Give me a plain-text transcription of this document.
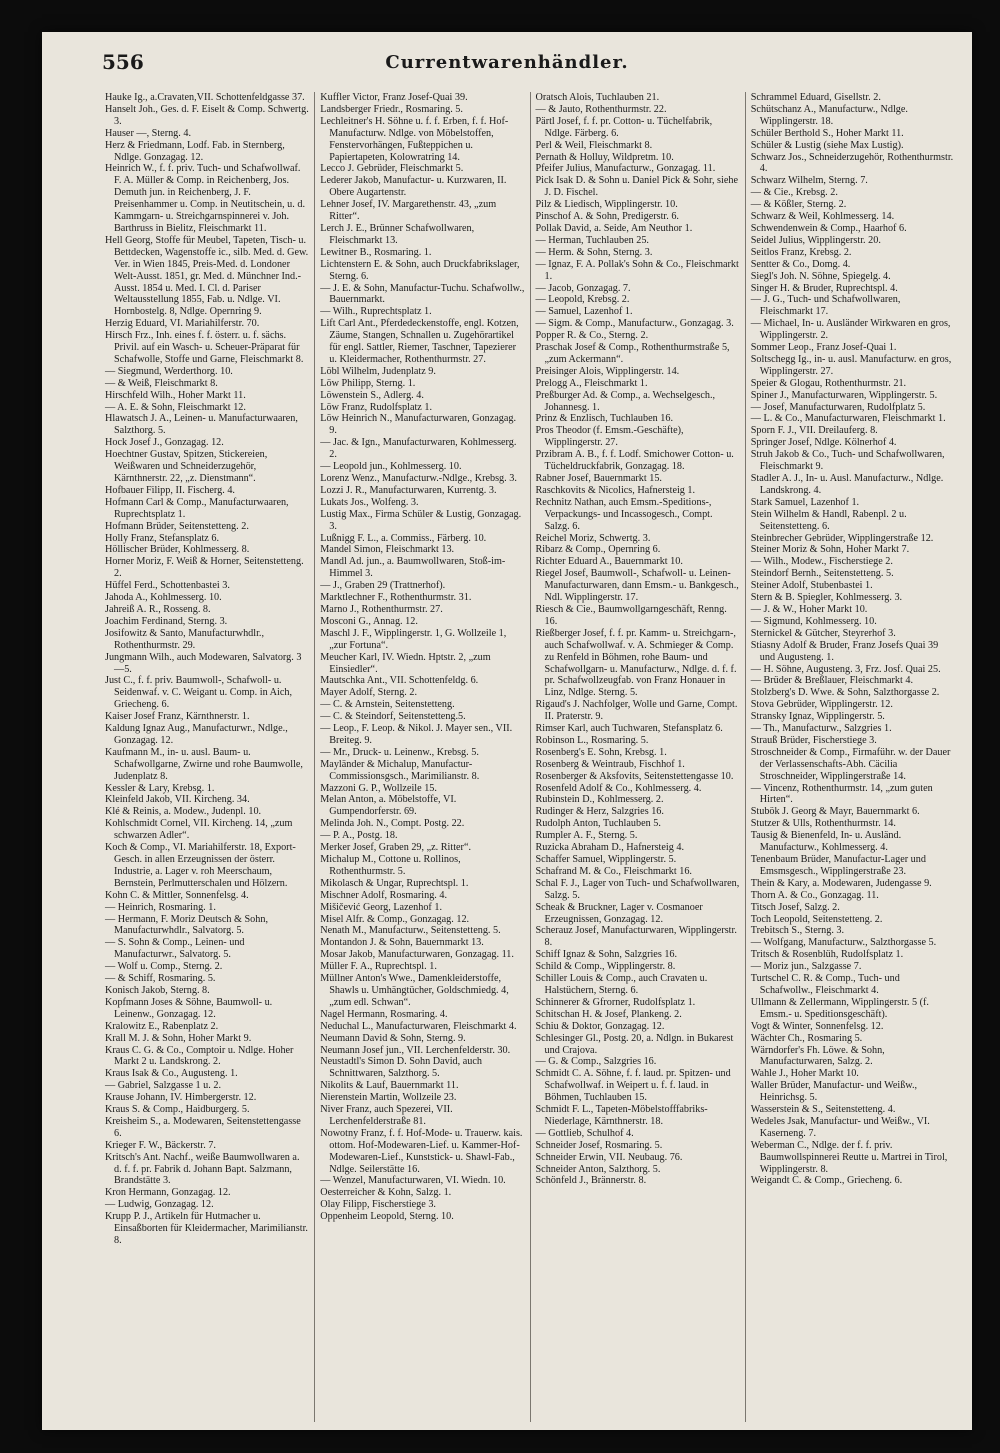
556	Currentwarenhändler.

Hauke Ig., a.Cravaten,VII. Schottenfeldgasse 37.

Hanselt Joh., Ges. d. F. Eiselt & Comp. Schwertg. 3.

Hauser —, Sterng. 4.

Herz & Friedmann, Lodf. Fab. in Sternberg, Ndlge. Gonzagag. 12.

Heinrich W., f. f. priv. Tuch- und Schafwollwaf. F. A. Müller & Comp. in Reichenberg, Jos. Demuth jun. in Reichenberg, J. F. Preisenhammer u. Comp. in Neutitschein, u. d. Kammgarn- u. Streichgarnspinnerei v. Joh. Barthruss in Bielitz, Fleischmarkt 11.

Hell Georg, Stoffe für Meubel, Tapeten, Tisch- u. Bettdecken, Wagenstoffe ic., silb. Med. d. Gew. Ver. in Wien 1845, Preis-Med. d. Londoner Welt-Ausst. 1851, gr. Med. d. Münchner Ind.-Ausst. 1854 u. Med. I. Cl. d. Pariser Weltausstellung 1855, Fab. u. Ndlge. VI. Hornbostelg. 8, Ndlge. Opernring 9.

Herzig Eduard, VI. Mariahilferstr. 70.

Hirsch Frz., Inh. eines f. f. österr. u. f. sächs. Privil. auf ein Wasch- u. Scheuer-Präparat für Schafwolle, Stoffe und Garne, Fleischmarkt 8.

— Siegmund, Werderthorg. 10.

— & Weiß, Fleischmarkt 8.

Hirschfeld Wilh., Hoher Markt 11.

— A. E. & Sohn, Fleischmarkt 12.

Hlawatsch J. A., Leinen- u. Manufacturwaaren, Salzthorg. 5.

Hock Josef J., Gonzagag. 12.

Hoechtner Gustav, Spitzen, Stickereien, Weißwaren und Schneiderzugehör, Kärnthnerstr. 22, „z. Dienstmann“.

Hofbauer Filipp, II. Fischerg. 4.

Hofmann Carl & Comp., Manufacturwaaren, Ruprechtsplatz 1.

Hofmann Brüder, Seitenstetteng. 2.

Holly Franz, Stefansplatz 6.

Höllischer Brüder, Kohlmesserg. 8.

Horner Moriz, F. Weiß & Horner, Seitenstetteng. 2.

Hüffel Ferd., Schottenbastei 3.

Jahoda A., Kohlmesserg. 10.

Jahreiß A. R., Rosseng. 8.

Joachim Ferdinand, Sterng. 3.

Josifowitz & Santo, Manufacturwhdlr., Rothenthurmstr. 29.

Jungmann Wilh., auch Modewaren, Salvatorg. 3—5.

Just C., f. f. priv. Baumwoll-, Schafwoll- u. Seidenwaf. v. C. Weigant u. Comp. in Aich, Griecheng. 6.

Kaiser Josef Franz, Kärnthnerstr. 1.

Kaldung Ignaz Aug., Manufacturwr., Ndlge., Gonzagag. 12.

Kaufmann M., in- u. ausl. Baum- u. Schafwollgarne, Zwirne und rohe Baumwolle, Judenplatz 8.

Kessler & Lary, Krebsg. 1.

Kleinfeld Jakob, VII. Kircheng. 34.

Klé & Reinis, a. Modew., Judenpl. 10.

Kohlschmidt Cornel, VII. Kircheng. 14, „zum schwarzen Adler“.

Koch & Comp., VI. Mariahilferstr. 18, Export-Gesch. in allen Erzeugnissen der österr. Industrie, a. Lager v. roh Meerschaum, Bernstein, Perlmutterschalen und Hölzern.

Kohn C. & Mittler, Sonnenfelsg. 4.

— Heinrich, Rosmaring. 1.

— Hermann, F. Moriz Deutsch & Sohn, Manufacturwhdlr., Salvatorg. 5.

— S. Sohn & Comp., Leinen- und Manufacturwr., Salvatorg. 5.

— Wolf u. Comp., Sterng. 2.

— & Schiff, Rosmaring. 5.

Konisch Jakob, Sterng. 8.

Kopfmann Joses & Söhne, Baumwoll- u. Leinenw., Gonzagag. 12.

Kralowitz E., Rabenplatz 2.

Krall M. J. & Sohn, Hoher Markt 9.

Kraus C. G. & Co., Comptoir u. Ndlge. Hoher Markt 2 u. Landskrong. 2.

Kraus Isak & Co., Augusteng. 1.

— Gabriel, Salzgasse 1 u. 2.

Krause Johann, IV. Himbergerstr. 12.

Kraus S. & Comp., Haidburgerg. 5.

Kreisheim S., a. Modewaren, Seitenstettengasse 6.

Krieger F. W., Bäckerstr. 7.

Kritsch's Ant. Nachf., weiße Baumwollwaren a. d. f. f. pr. Fabrik d. Johann Bapt. Salzmann, Brandstätte 3.

Kron Hermann, Gonzagag. 12.

— Ludwig, Gonzagag. 12.

Krupp P. J., Artikeln für Hutmacher u. Einsaßborten für Kleidermacher, Marimilianstr. 8.

Kuffler Victor, Franz Josef-Quai 39.

Landsberger Friedr., Rosmaring. 5.

Lechleitner's H. Söhne u. f. f. Erben, f. f. Hof-Manufacturw. Ndlge. von Möbelstoffen, Fenstervorhängen, Fußteppichen u. Papiertapeten, Kolowratring 14.

Lecco J. Gebrüder, Fleischmarkt 5.

Lederer Jakob, Manufactur- u. Kurzwaren, II. Obere Augartenstr.

Lehner Josef, IV. Margarethenstr. 43, „zum Ritter“.

Lerch J. E., Brünner Schafwollwaren, Fleischmarkt 13.

Lewitner B., Rosmaring. 1.

Lichtenstern E. & Sohn, auch Druckfabrikslager, Sterng. 6.

— J. E. & Sohn, Manufactur-Tuchu. Schafwollw., Bauernmarkt.

— Wilh., Ruprechtsplatz 1.

Lift Carl Ant., Pferdedeckenstoffe, engl. Kotzen, Zäume, Stangen, Schnallen u. Zugehörartikel für engl. Sattler, Riemer, Taschner, Tapezierer u. Kleidermacher, Rothenthurmstr. 27.

Löbl Wilhelm, Judenplatz 9.

Löw Philipp, Sterng. 1.

Löwenstein S., Adlerg. 4.

Löw Franz, Rudolfsplatz 1.

Löw Heinrich N., Manufacturwaren, Gonzagag. 9.

— Jac. & Ign., Manufacturwaren, Kohlmesserg. 2.

— Leopold jun., Kohlmesserg. 10.

Lorenz Wenz., Manufacturw.-Ndlge., Krebsg. 3.

Lozzi J. R., Manufacturwaren, Kurrentg. 3.

Lukats Jos., Wolfeng. 3.

Lustig Max., Firma Schüler & Lustig, Gonzagag. 3.

Lußnigg F. L., a. Commiss., Färberg. 10.

Mandel Simon, Fleischmarkt 13.

Mandl Ad. jun., a. Baumwollwaren, Stoß-im-Himmel 3.

— J., Graben 29 (Trattnerhof).

Marktlechner F., Rothenthurmstr. 31.

Marno J., Rothenthurmstr. 27.

Mosconi G., Annag. 12.

Maschl J. F., Wipplingerstr. 1, G. Wollzeile 1, „zur Fortuna“.

Meucher Karl, IV. Wiedn. Hptstr. 2, „zum Einsiedler“.

Mautschka Ant., VII. Schottenfeldg. 6.

Mayer Adolf, Sterng. 2.

— C. & Arnstein, Seitenstetteng.

— C. & Steindorf, Seitenstetteng.5.

— Leop., F. Leop. & Nikol. J. Mayer sen., VII. Breiteg. 9.

— Mr., Druck- u. Leinenw., Krebsg. 5.

Mayländer & Michalup, Manufactur-Commissionsgsch., Marimilianstr. 8.

Mazzoni G. P., Wollzeile 15.

Melan Anton, a. Möbelstoffe, VI. Gumpendorferstr. 69.

Melinda Joh. N., Compt. Postg. 22.

— P. A., Postg. 18.

Merker Josef, Graben 29, „z. Ritter“.

Michalup M., Cottone u. Rollinos, Rothenthurmstr. 5.

Mikolasch & Ungar, Ruprechtspl. 1.

Mischner Adolf, Rosmaring. 4.

Mišičević Georg, Lazenhof 1.

Misel Alfr. & Comp., Gonzagag. 12.

Nenath M., Manufacturw., Seitenstetteng. 5.

Montandon J. & Sohn, Bauernmarkt 13.

Mosar Jakob, Manufacturwaren, Gonzagag. 11.

Müller F. A., Ruprechtspl. 1.

Müllner Anton's Wwe., Damenkleiderstoffe, Shawls u. Umhängtücher, Goldschmiedg. 4, „zum edl. Schwan“.

Nagel Hermann, Rosmaring. 4.

Neduchal L., Manufacturwaren, Fleischmarkt 4.

Neumann David & Sohn, Sterng. 9.

Neumann Josef jun., VII. Lerchenfelderstr. 30.

Neustadtl's Simon D. Sohn David, auch Schnittwaren, Salzthorg. 5.

Nikolits & Lauf, Bauernmarkt 11.

Nierenstein Martin, Wollzeile 23.

Niver Franz, auch Spezerei, VII. Lerchenfelderstraße 81.

Nowotny Franz, f. f. Hof-Mode- u. Trauerw. kais. ottom. Hof-Modewaren-Lief. u. Kammer-Hof-Modewaren-Lief., Kunststick- u. Shawl-Fab., Ndlge. Seilerstätte 16.

— Wenzel, Manufacturwaren, VI. Wiedn. 10.

Oesterreicher & Kohn, Salzg. 1.

Olay Filipp, Fischerstiege 3.

Oppenheim Leopold, Sterng. 10.

Oratsch Alois, Tuchlauben 21.

— & Jauto, Rothenthurmstr. 22.

Pärtl Josef, f. f. pr. Cotton- u. Tüchelfabrik, Ndlge. Färberg. 6.

Perl & Weil, Fleischmarkt 8.

Pernath & Holluy, Wildpretm. 10.

Pfeifer Julius, Manufacturw., Gonzagag. 11.

Pick Isak D. & Sohn u. Daniel Pick & Sohr, siehe J. D. Fischel.

Pilz & Liedisch, Wipplingerstr. 10.

Pinschof A. & Sohn, Predigerstr. 6.

Pollak David, a. Seide, Am Neuthor 1.

— Herman, Tuchlauben 25.

— Herm. & Sohn, Sterng. 3.

— Ignaz, F. A. Pollak's Sohn & Co., Fleischmarkt 1.

— Jacob, Gonzagag. 7.

— Leopold, Krebsg. 2.

— Samuel, Lazenhof 1.

— Sigm. & Comp., Manufacturw., Gonzagag. 3.

Popper R. & Co., Sterng. 2.

Praschak Josef & Comp., Rothenthurmstraße 5, „zum Ackermann“.

Preisinger Alois, Wipplingerstr. 14.

Prelogg A., Fleischmarkt 1.

Preßburger Ad. & Comp., a. Wechselgesch., Johannesg. 1.

Prinz & Enzlisch, Tuchlauben 16.

Pros Theodor (f. Emsm.-Geschäfte), Wipplingerstr. 27.

Przibram A. B., f. f. Lodf. Smichower Cotton- u. Tücheldruckfabrik, Gonzagag. 18.

Rabner Josef, Bauernmarkt 15.

Raschkovits & Nicolics, Hafnersteig 1.

Rechnitz Nathan, auch Emsm.-Speditions-, Verpackungs- und Incassogesch., Compt. Salzg. 6.

Reichel Moriz, Schwertg. 3.

Ribarz & Comp., Opernring 6.

Richter Eduard A., Bauernmarkt 10.

Riegel Josef, Baumwoll-, Schafwoll- u. Leinen-Manufacturwaren, dann Emsm.- u. Bankgesch., Ndl. Wipplingerstr. 17.

Riesch & Cie., Baumwollgarngeschäft, Renng. 16.

Rießberger Josef, f. f. pr. Kamm- u. Streichgarn-, auch Schafwollwaf. v. A. Schmieger & Comp. zu Renfeld in Böhmen, rohe Baum- und Schafwollgarn- u. Manufacturw., Ndlge. d. f. f. pr. Schafwollzeugfab. von Franz Honauer in Linz, Ndlge. Sterng. 5.

Rigaud's J. Nachfolger, Wolle und Garne, Compt. II. Praterstr. 9.

Rimser Karl, auch Tuchwaren, Stefansplatz 6.

Robinson L., Rosmaring. 5.

Rosenberg's E. Sohn, Krebsg. 1.

Rosenberg & Weintraub, Fischhof 1.

Rosenberger & Aksfovits, Seitenstettengasse 10.

Rosenfeld Adolf & Co., Kohlmesserg. 4.

Rubinstein D., Kohlmesserg. 2.

Rudinger & Herz, Salzgries 16.

Rudolph Anton, Tuchlauben 5.

Rumpler A. F., Sterng. 5.

Ruzicka Abraham D., Hafnersteig 4.

Schaffer Samuel, Wipplingerstr. 5.

Schafrand M. & Co., Fleischmarkt 16.

Schal F. J., Lager von Tuch- und Schafwollwaren, Salzg. 5.

Scheak & Bruckner, Lager v. Cosmanoer Erzeugnissen, Gonzagag. 12.

Scherauz Josef, Manufacturwaren, Wipplingerstr. 8.

Schiff Ignaz & Sohn, Salzgries 16.

Schild & Comp., Wipplingerstr. 8.

Schiller Louis & Comp., auch Cravaten u. Halstüchern, Sterng. 6.

Schinnerer & Gfrorner, Rudolfsplatz 1.

Schitschan H. & Josef, Plankeng. 2.

Schiu & Doktor, Gonzagag. 12.

Schlesinger Gl., Postg. 20, a. Ndlgn. in Bukarest und Crajova.

— G. & Comp., Salzgries 16.

Schmidt C. A. Söhne, f. f. laud. pr. Spitzen- und Schafwollwaf. in Weipert u. f. f. laud. in Böhmen, Tuchlauben 15.

Schmidt F. L., Tapeten-Möbelstofffabriks-Niederlage, Kärnthnerstr. 18.

— Gottlieb, Schulhof 4.

Schneider Josef, Rosmaring. 5.

Schneider Erwin, VII. Neubaug. 76.

Schneider Anton, Salzthorg. 5.

Schönfeld J., Brännerstr. 8.

Schrammel Eduard, Gisellstr. 2.

Schütschanz A., Manufacturw., Ndlge. Wipplingerstr. 18.

Schüler Berthold S., Hoher Markt 11.

Schüler & Lustig (siehe Max Lustig).

Schwarz Jos., Schneiderzugehör, Rothenthurmstr. 4.

Schwarz Wilhelm, Sterng. 7.

— & Cie., Krebsg. 2.

— & Kößler, Sterng. 2.

Schwarz & Weil, Kohlmesserg. 14.

Schwendenwein & Comp., Haarhof 6.

Seidel Julius, Wipplingerstr. 20.

Seitlos Franz, Krebsg. 2.

Sentter & Co., Domg. 4.

Siegl's Joh. N. Söhne, Spiegelg. 4.

Singer H. & Bruder, Ruprechtspl. 4.

— J. G., Tuch- und Schafwollwaren, Fleischmarkt 17.

— Michael, In- u. Ausländer Wirkwaren en gros, Wipplingerstr. 2.

Sommer Leop., Franz Josef-Quai 1.

Soltschegg Ig., in- u. ausl. Manufacturw. en gros, Wipplingerstr. 27.

Speier & Glogau, Rothenthurmstr. 21.

Spiner J., Manufacturwaren, Wipplingerstr. 5.

— Josef, Manufacturwaren, Rudolfplatz 5.

— L. & Co., Manufacturwaren, Fleischmarkt 1.

Sporn F. J., VII. Dreilauferg. 8.

Springer Josef, Ndlge. Kölnerhof 4.

Struh Jakob & Co., Tuch- und Schafwollwaren, Fleischmarkt 9.

Stadler A. J., In- u. Ausl. Manufacturw., Ndlge. Landskrong. 4.

Stark Samuel, Lazenhof 1.

Stein Wilhelm & Handl, Rabenpl. 2 u. Seitenstetteng. 6.

Steinbrecher Gebrüder, Wipplingerstraße 12.

Steiner Moriz & Sohn, Hoher Markt 7.

— Wilh., Modew., Fischerstiege 2.

Steindorf Bernh., Seitenstetteng. 5.

Steiner Adolf, Stubenbastei 1.

Stern & B. Spiegler, Kohlmesserg. 3.

— J. & W., Hoher Markt 10.

— Sigmund, Kohlmesserg. 10.

Sternickel & Gütcher, Steyrerhof 3.

Stiasny Adolf & Bruder, Franz Josefs Quai 39 und Augusteng. 1.

— H. Söhne, Augusteng. 3, Frz. Josf. Quai 25.

— Brüder & Breßlauer, Fleischmarkt 4.

Stolzberg's D. Wwe. & Sohn, Salzthorgasse 2.

Stova Gebrüder, Wipplingerstr. 12.

Stransky Ignaz, Wipplingerstr. 5.

— Th., Manufacturw., Salzgries 1.

Strauß Brüder, Fischerstiege 3.

Stroschneider & Comp., Firmaführ. w. der Dauer der Verlassenschafts-Abh. Cäcilia Stroschneider, Wipplingerstraße 14.

— Vincenz, Rothenthurmstr. 14, „zum guten Hirten“.

Stubök J. Georg & Mayr, Bauernmarkt 6.

Stutzer & Ulls, Rothenthurmstr. 14.

Tausig & Bienenfeld, In- u. Ausländ. Manufacturw., Kohlmesserg. 4.

Tenenbaum Brüder, Manufactur-Lager und Emsmsgesch., Wipplingerstraße 23.

Thein & Kary, a. Modewaren, Judengasse 9.

Thorn A. & Co., Gonzagag. 11.

Titsch Josef, Salzg. 2.

Toch Leopold, Seitenstetteng. 2.

Trebitsch S., Sterng. 3.

— Wolfgang, Manufacturw., Salzthorgasse 5.

Tritsch & Rosenblüh, Rudolfsplatz 1.

— Moriz jun., Salzgasse 7.

Turtschel C. R. & Comp., Tuch- und Schafwollw., Fleischmarkt 4.

Ullmann & Zellermann, Wipplingerstr. 5 (f. Emsm.- u. Speditionsgeschäft).

Vogt & Winter, Sonnenfelsg. 12.

Wächter Ch., Rosmaring 5.

Wärndorfer's Fh. Löwe. & Sohn, Manufacturwaren, Salzg. 2.

Wahle J., Hoher Markt 10.

Waller Brüder, Manufactur- und Weißw., Heinrichsg. 5.

Wasserstein & S., Seitenstetteng. 4.

Wedeles Jsak, Manufactur- und Weißw., VI. Kaserneng. 7.

Weberman C., Ndlge. der f. f. priv. Baumwollspinnerei Reutte u. Martrei in Tirol, Wipplingerstr. 8.

Weigandt C. & Comp., Griecheng. 6.
